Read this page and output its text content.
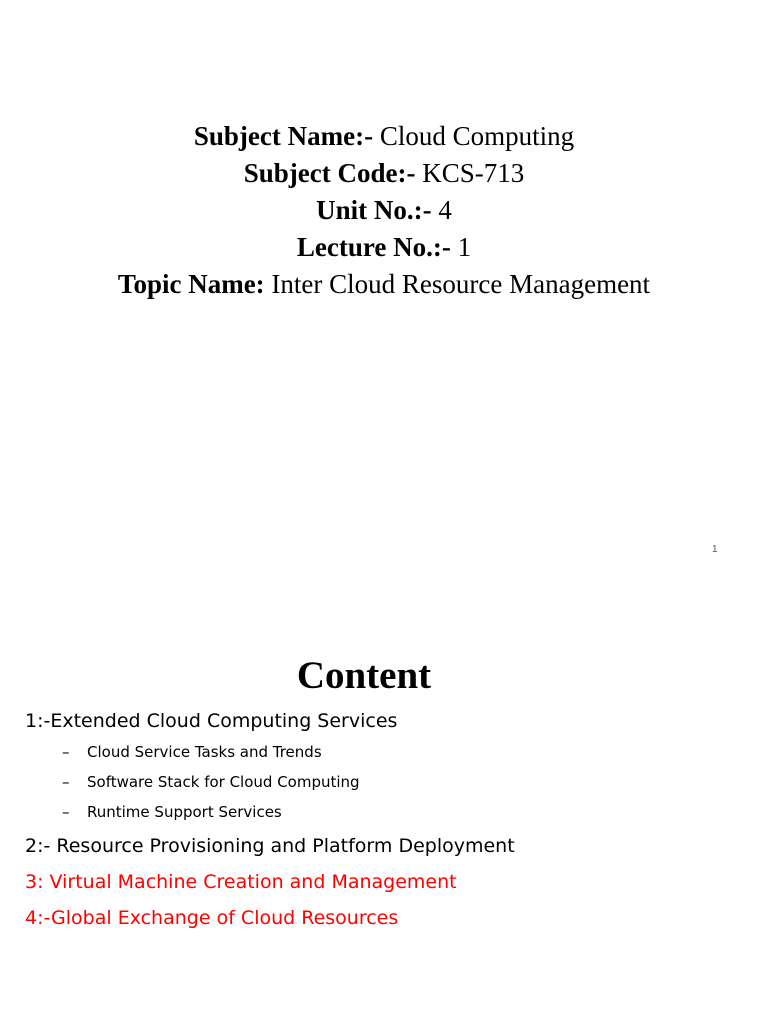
Subject Name:- Cloud Computing
Subject Code:- KCS-713
Unit No.:- 4
Lecture No.:- 1
Topic Name: Inter Cloud Resource Management
1
Content
1:-Extended Cloud Computing Services
– Cloud Service Tasks and Trends
– Software Stack for Cloud Computing
– Runtime Support Services
2:- Resource Provisioning and Platform Deployment
3: Virtual Machine Creation and Management
4:-Global Exchange of Cloud Resources
